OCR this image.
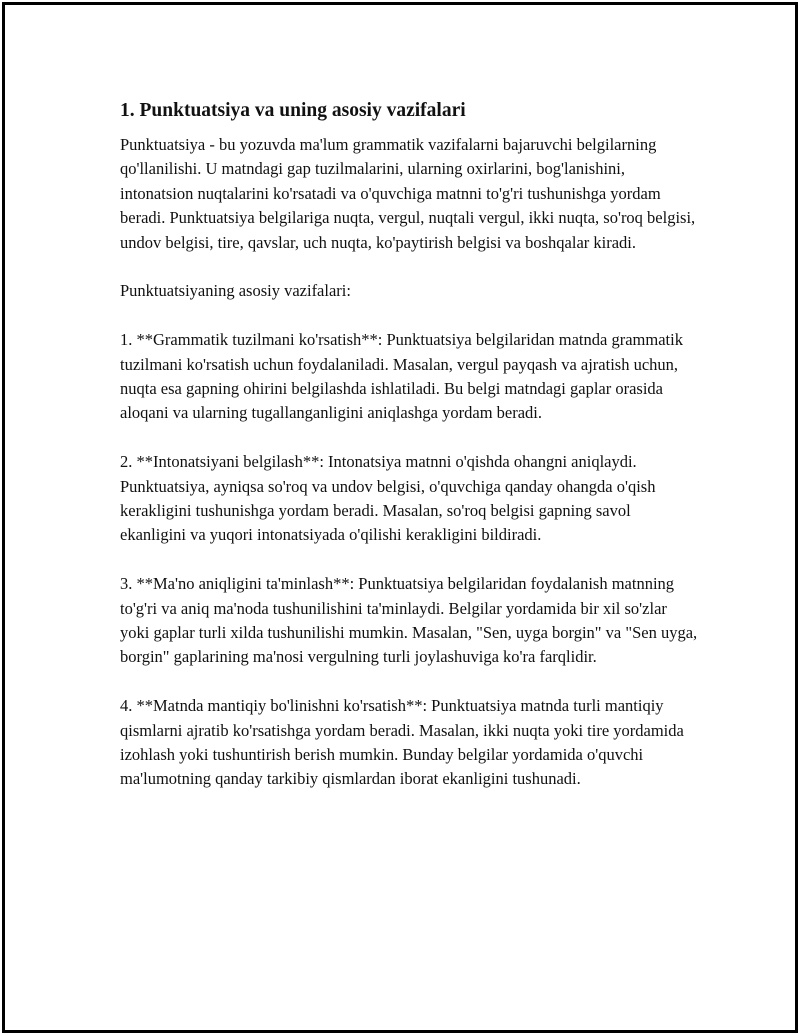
1. Punktuatsiya va uning asosiy vazifalari

Punktuatsiya - bu yozuvda ma'lum grammatik vazifalarni bajaruvchi belgilarning qo'llanilishi. U matndagi gap tuzilmalarini, ularning oxirlarini, bog'lanishini, intonatsion nuqtalarini ko'rsatadi va o'quvchiga matnni to'g'ri tushunishga yordam beradi. Punktuatsiya belgilariga nuqta, vergul, nuqtali vergul, ikki nuqta, so'roq belgisi, undov belgisi, tire, qavslar, uch nuqta, ko'paytirish belgisi va boshqalar kiradi.

Punktuatsiyaning asosiy vazifalari:

1. **Grammatik tuzilmani ko'rsatish**: Punktuatsiya belgilaridan matnda grammatik tuzilmani ko'rsatish uchun foydalaniladi. Masalan, vergul payqash va ajratish uchun, nuqta esa gapning ohirini belgilashda ishlatiladi. Bu belgi matndagi gaplar orasida aloqani va ularning tugallanganligini aniqlashga yordam beradi.

2. **Intonatsiyani belgilash**: Intonatsiya matnni o'qishda ohangni aniqlaydi. Punktuatsiya, ayniqsa so'roq va undov belgisi, o'quvchiga qanday ohangda o'qish kerakligini tushunishga yordam beradi. Masalan, so'roq belgisi gapning savol ekanligini va yuqori intonatsiyada o'qilishi kerakligini bildiradi.

3. **Ma'no aniqligini ta'minlash**: Punktuatsiya belgilaridan foydalanish matnning to'g'ri va aniq ma'noda tushunilishini ta'minlaydi. Belgilar yordamida bir xil so'zlar yoki gaplar turli xilda tushunilishi mumkin. Masalan, "Sen, uyga borgin" va "Sen uyga, borgin" gaplarining ma'nosi vergulning turli joylashuviga ko'ra farqlidir.

4. **Matnda mantiqiy bo'linishni ko'rsatish**: Punktuatsiya matnda turli mantiqiy qismlarni ajratib ko'rsatishga yordam beradi. Masalan, ikki nuqta yoki tire yordamida izohlash yoki tushuntirish berish mumkin. Bunday belgilar yordamida o'quvchi ma'lumotning qanday tarkibiy qismlardan iborat ekanligini tushunadi.
